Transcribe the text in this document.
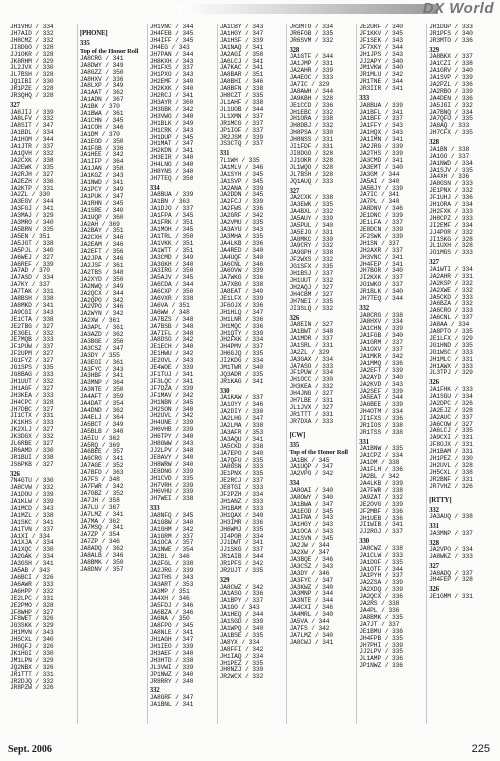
DX World
JH1VHU / 334
JH7AID / 332
JH8CMZ / 332
JI8DGO / 328
JJ1OKR / 328
JK8RHM / 329
JL2JVX / 330
JL7BSH / 328
JQ1IBI / 330
JR1PZE / 328
JR3QHQ / 328
327
JA8JIJ / 339
JA8LFV / 332
JA8SIT / 347
JA1BDL / 334
JA1HOM / 344
JA1JTR / 337
JA1QVH / 332
JA2CXK / 338
JA2EWK / 335
JA2RJH / 327
JA2EZH / 336
JA2KTP / 331
JA2ZL / 330
JA3EGV / 344
JA3FGJ / 341
JA3MAJ / 329
JA3MRO / 340
JA5BRN / 335
JA5EN / 351
JA5JGT / 338
JA5PJL / 340
JA6WEJ / 327
JA6REF / 339
JA7AD / 370
JA7ASD / 334
JA7KY / 337
JA7TAK / 331
JA8BSH / 338
JA8MKD / 341
JA9CGI / 343
JE1CTA / 338
JE2TBG / 327
JE3GEL / 332
JE7MQB / 333
JF1PUW / 337
JF2UPM / 327
JG1FYZ / 327
JG1SPS / 335
JG8BAG / 333
JH1UUT / 332
JH1AGF / 327
JH3KEA / 333
JH4CPC / 328
JH7DBC / 327
JI1CTX / 331
JK1KHS / 333
JK2XLJ / 327
JK3DGX / 332
JL6RBE / 327
JR6AMD / 330
JR1BUI / 338
JS6PKB / 327
326
7N4GTU / 330
JA8CVW / 332
JA1DOU / 339
JA1KLW / 339
JA1MCD / 343
JA1MZL / 338
JA1SKC / 341
JA1TVN / 337
JA1XI / 334
JA1XJA / 334
JA1XQC / 330
JA2GAK / 334
JA3GSH / 341
JA5AB / 343
JA6BCI / 326
JA6AWR / 333
JA6HPP / 332
JE2LPC / 331
JE2PMO / 328
JF8WHP / 327
JF8WET / 326
JG3SKK / 329
JH1MVN / 343
JH5CXL / 340
JH6QFJ / 326
JK1HGI / 330
JM1LPN / 329
JQ2NBX / 326
JR1TTT / 331
JR2DJQ / 332
JR8PZW / 326
[PHONE]
335
Top of the Honor Roll
JA8CRG / 341
JA8DWY / 349
JA8GZZ / 350
JA8HXV / 336
JA8LXP / 349
JA1AAT / 362
JA1ADN / 367
JA1BK / 370
JA1BWA / 361
JA1CHN / 345
JA1COH / 346
JA1DM / 370
JA1EOD / 350
JA1FGB / 336
JA1HEE / 342
JA1IFP / 364
JA1JAN / 358
JA1KGZ / 343
JA1NWD / 341
JA1PCY / 349
JA1PUK / 347
JA1RHN / 345
JA1SRE / 340
JA1UQP / 360
JA2AH / 369
JA2BAY / 351
JA2CXH / 346
JA2EAM / 346
JA2EFT / 356
JA2JPA / 346
JA2JSF / 361
JA2TBS / 348
JA2XYD / 350
JA2NWQ / 349
JA2QCX / 344
JA2QPO / 342
JA2VPO / 346
JA2WYN / 342
JA2XW / 361
JA3APL / 361
JA3AZD / 362
JA3BGE / 356
JA3CSZ / 347
JA3DY / 355
JA3EOI / 361
JA3FYC / 343
JA3HBF / 341
JA3MNP / 364
JA3NTE / 350
JA4AFT / 359
JA4DAT / 354
JA4DND / 362
JA4ELJ / 364
JA5BCT / 349
JA5BLB / 348
JA5IU / 362
JA5RQ / 369
JA6BEE / 357
JA6CRG / 341
JA7AGE / 352
JA7BFD / 363
JA7FS / 348
JA7FWR / 342
JA7GBZ / 352
JA7JH / 358
JA7LU / 367
JA7LMZ / 341
JA7MA / 362
JA7MSQ / 341
JA7ZP / 354
JA7ZP / 346
JA8ADQ / 362
JA8ALB / 346
JA8BMK / 350
JA8DNV / 357
JH1VNC / 344
JH4FEB / 345
JH4IFF / 345
JH4EG / 343
JH7PAN / 344
JH8KXH / 343
JH1FXS / 337
JH1PXO / 343
JH2EMF / 340
JH2KXK / 340
JH2RCJ / 341
JH3AYR / 360
JH3GBK / 342
JH3VWO / 340
JH1BLK / 349
JH1CRK / 343
JH1DUP / 345
JH1MAT / 347
JH2KDN / 341
JH3EIR / 340
JH4LNO / 340
JH8YNS / 340
JH7TEQ / 350
334
JA8BUA / 339
JA1BN / 363
JA1DJO / 337
JA1FPA / 345
JA1FRK / 351
JA1MOH / 345
JA1TRL / 350
JA1VKK / 351
JA1WTT / 351
JA3CMD / 349
JA3GKH / 340
JA3IRG / 350
JA5AJV / 345
JA6CDA / 344
JA6CXP / 350
JA6VXR / 338
JA6VA / 351
JA6WW / 348
JA7BZS / 348
JA7BSB / 348
JA7IFL / 348
JA8DSO / 342
JE1ECH / 340
JE1HWU / 342
JE2OVL / 343
JE4WOE / 339
JF1TUJ / 341
JF3LQC / 341
JF7DZA / 339
JF1MAV / 342
JH1NBN / 345
JH2SON / 340
JH2UVL / 342
JH4UNE / 339
JH6VHB / 339
JH6TPY / 340
JH8GWW / 343
JJ2LPV / 348
JE8AVY / 340
JH8WRW / 340
JE8DNG / 339
JH1CVD / 335
JH7VRH / 339
JH6VHU / 339
JH7WEI / 338
333
JA8NFQ / 345
JA1GBW / 340
JA1GHM / 342
JA1GRM / 337
JA1OCA / 357
JA1NWE / 354
JA2BL / 346
JA2FGL / 338
JA2JRG / 339
JA2THS / 343
JA3ART / 353
JA3MP / 351
JA4XH / 346
JA5FDJ / 346
JA6BZA / 346
JA6NA / 350
JA8FPO / 345
JA8NLE / 341
JH1AGH / 347
JH1IEO / 339
JH3AEF / 340
JH3HTD / 338
JL3VWI / 339
JP1NWZ / 340
JR8RRY / 340
332
JA8GRF / 347
JA1BNL / 341
JA1CBY / 343
JA1HGY / 347
JA1HSF / 339
JA1NAQ / 341
JA2AGI / 358
JA6LCJ / 341
JA7KAC / 341
JA8BAR / 351
JA8BHI / 346
JA8BFN / 338
JH8CZT / 335
JL1AHF / 338
JL1UOB / 344
JL1XMN / 337
JR1MCG / 337
JP1IOF / 337
JR2JSM / 339
JS3CTQ / 337
331
7L1WH / 335
JA1MLV / 346
JA1SYH / 345
JA1SVP / 345
JA2ANA / 339
JA2DDN / 345
JA2FCJ / 339
JA2FWS / 336
JA2GRF / 342
JA2VMU / 335
JA3AYU / 343
JA3MHA / 335
JA4LKB / 336
JA4RED / 340
JA4UQF / 340
JA6CNL / 346
JA6OVW / 339
JA7WKG / 336
JA7XBG / 338
JA8EAT / 340
JE1LFX / 339
JF6OJX / 336
JH1HLQ / 347
JH1LNR / 336
JH1MQC / 336
JH1QTY / 339
JH2FKK / 334
JH4PMV / 337
JH6GJQ / 335
JI2KDG / 334
JM1TWR / 340
JQ3ADR / 335
JR1KAG / 341
330
JA1KAW / 337
JA1OYY / 346
JA2DIY / 330
JA2LHG / 347
JA2LMA / 338
JA3AFR / 353
JA3AQU / 341
JA5CKD / 338
JA7EPO / 340
JA7QFU / 335
JA8GSN / 333
JE1PNX / 335
JE2RCJ / 337
JE8TGI / 333
JF2PZH / 334
JH1ANZ / 333
JH1BAM / 333
JH1QAX / 340
JH3IMR / 336
JH6WMJ / 335
JI4POR / 334
JJ1DWT / 341
JJ1SKG / 337
JR1AIB / 344
JR1PFS / 342
JR2UJT / 335
329
JA8CWZ / 342
JA1ASO / 336
JA1BPY / 337
JA1GO / 343
JA1HEQ / 344
JA1SGD / 339
JA1WPQ / 340
JA1BSE / 335
JA8YX / 334
JA8FFI / 342
JH1IAQ / 334
JH1PEZ / 335
JH8NZJ / 339
JR2WCX / 332
JR3MTO / 334
JR6FGB / 335
JR6SVM / 332
328
JA1GTF / 344
JA1JMP / 331
JA2AHR / 339
JA4EOC / 333
JA7IC / 329
JA8AWH / 344
JA9KBH / 328
JE1CCD / 336
JH1EBC / 332
JH1ORA / 338
JH8DBJ / 332
JH8PSA / 330
JH8NSS / 331
JI1FDF / 331
JI8DGO / 328
JJ1OKR / 328
JL1WQO / 328
JL7BSH / 328
JQ1AUQ / 333
327
JA2CXK / 338
JA3EWK / 335
JA4BXL / 332
JA5AUY / 339
JA5PUL / 340
JA5EJO / 331
JA8MKC / 330
JA9CRY / 332
JA9GPH / 338
JF2WXS / 332
JG1SFX / 335
JH1BSJ / 337
JH1UUT / 332
JH2AQJ / 327
JH4CBM / 327
JH7NEI / 335
JI3SLQ / 332
326
JA8EIN / 327
JA1BWT / 348
JA1MDR / 337
JA1SRL / 331
JA2ZL / 329
JA3GAX / 334
JA7ASO / 333
JF1PUW / 334
JH1OCC / 330
JH3KEA / 332
JH4JNG / 327
JH7LBE / 331
JL1JVX / 327
JR1TTT / 331
JR7DXA / 333
[CW]
335
Top of the Honor Roll
JA1BK / 345
JA1UQP / 347
JA2VPO / 342
334
JA8OAI / 340
JA8OWY / 340
JA1BWA / 347
JA1EOD / 345
JA1FNA / 343
JA1HGY / 343
JA1OCA / 343
JA1SVN / 345
JA2JW / 344
JA2XW / 347
JA3BQE / 346
JA3CSZ / 343
JA3DY / 346
JA3FYC / 347
JA3KWZ / 340
JA3MNP / 344
JA3NTE / 344
JA4CXI / 346
JA4MRL / 340
JA5VA / 344
JA7FS / 342
JA7LMZ / 340
JA8CWJ / 341
JE2URF / 340
JF1KKV / 345
JF1SEK / 343
JF7XKY / 344
JH1JPS / 343
JJ2APY / 340
JM1VKW / 340
JR1MLU / 342
JR1TNE / 344
JR3IIR / 341
333
JA8BUA / 339
JA1BFL / 341
JA1BFF / 337
JA1FFY / 343
JA1HQX / 343
JA1IMN / 341
JA2JRG / 339
JA2THS / 339
JA3CMD / 341
JA3EMT / 340
JA3GM / 344
JA5AI / 340
JA5BJY / 339
JA7IC / 341
JA7PL / 340
JA8DNV / 346
JE1DNC / 339
JE1LFA / 337
JE8DCN / 339
JF2SWK / 339
JH1SN / 337
JH2AXR / 337
JH3VNC / 341
JH4FEP / 341
JH7BOR / 340
JI2KXK / 337
JO1WKO / 337
JR1BLK / 340
JH7TEQ / 344
332
JA8CRG / 338
JA8HXV / 334
JA1CHN / 339
JA1FGB / 340
JA1GRM / 337
JA1OXV / 337
JA1MKR / 342
JA1MMQ / 336
JA2EFT / 339
JA2AYD / 340
JA2KVD / 343
JA2SEF / 339
JA5EAT / 344
JA6BEE / 339
JH4OTM / 334
JI1FXS / 336
JR1IOS / 338
JR1TSS / 338
331
JA1BNW / 335
JA1CPZ / 334
JA1DM / 338
JA1FLH / 336
JA2BL / 342
JA4LKB / 339
JA7FWR / 338
JA9ZAT / 332
JE2OVG / 339
JF2MBF / 336
JH1UEB / 336
JI1WIB / 341
JJ2ROJ / 337
330
JA8CWZ / 338
JA1CLW / 333
JA1DOF / 335
JA1OTF / 344
JA1PYH / 337
JA2ZSA / 339
JA2XDQ / 339
JA2QCX / 336
JA2RS / 338
JA4PL / 336
JA8BMK / 335
JA7JT / 337
JE1BMU / 336
JH4FPB / 335
JH7PHI / 339
JJ2LPV / 335
JL1AMP / 336
JP1NWZ / 336
JR1DUP / 333
JR1PFS / 340
JR3MTO / 336
329
JA8BKX / 337
JA1CZI / 338
JA1GRV / 340
JA1SVP / 339
JA2PZL / 336
JA2RBO / 339
JA4DEN / 336
JA5JGI / 332
JA7BNQ / 334
JA7QFU / 335
JA8AQ / 333
JH7CFX / 335
328
JA1BN / 338
JA1GO / 337
JA1NWD / 334
JA1SJV / 335
JA4XH / 336
JA8GSN / 333
JE1PNX / 332
JF1UHJ / 336
JH1ORA / 334
JH2FXK / 333
JH8CPZ / 333
JI2EMF / 334
JJ4POR / 332
JI1SKG / 328
JL1UXH / 328
JO1MGS / 333
327
JA1WTI / 334
JA2AHR / 331
JA2KSP / 332
JA2XWE / 332
JA5CKD / 333
JA6BZA / 332
JA6CRO / 333
JA6CNL / 337
JA8AA / 334
JA8PTO / 335
JE1LFX / 329
JG1HND / 335
JG1WSC / 333
JH1MLC / 331
JH1AWX / 333
JL3TPJ / 329
326
JA1FHK / 333
JA1SGU / 334
JA2DPC / 326
JA2EJZ / 328
JA2AUC / 337
JA6COW / 327
JA6LCJ / 335
JA9CXI / 331
JF8OJX / 331
JH1BAM / 331
JH1PEZ / 330
JH2UVL / 328
JH5CXL / 338
JR2BNF / 331
JR7VHZ / 326
[RTTY]
332
JA3AUQ / 338
331
JA3MNP / 337
328
JA2VPO / 334
JA8WKZ / 333
327
JA8ADQ / 337
JH4FEP / 328
326
JE1GMM / 331
Sept. 2006	225
